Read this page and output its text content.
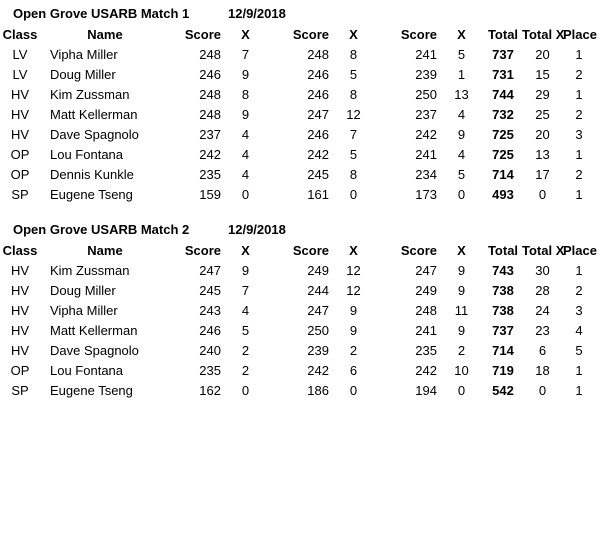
Open Grove USARB Match 1	12/9/2018
Class	Name	Score	X	Score	X	Score	X	Total	Total X	Place
LV	Vipha Miller	248	7	248	8	241	5	737	20	1
LV	Doug Miller	246	9	246	5	239	1	731	15	2
HV	Kim Zussman	248	8	246	8	250	13	744	29	1
HV	Matt Kellerman	248	9	247	12	237	4	732	25	2
HV	Dave Spagnolo	237	4	246	7	242	9	725	20	3
OP	Lou Fontana	242	4	242	5	241	4	725	13	1
OP	Dennis Kunkle	235	4	245	8	234	5	714	17	2
SP	Eugene Tseng	159	0	161	0	173	0	493	0	1
Open Grove USARB Match 2	12/9/2018
Class	Name	Score	X	Score	X	Score	X	Total	Total X	Place
HV	Kim Zussman	247	9	249	12	247	9	743	30	1
HV	Doug Miller	245	7	244	12	249	9	738	28	2
HV	Vipha Miller	243	4	247	9	248	11	738	24	3
HV	Matt Kellerman	246	5	250	9	241	9	737	23	4
HV	Dave Spagnolo	240	2	239	2	235	2	714	6	5
OP	Lou Fontana	235	2	242	6	242	10	719	18	1
SP	Eugene Tseng	162	0	186	0	194	0	542	0	1
